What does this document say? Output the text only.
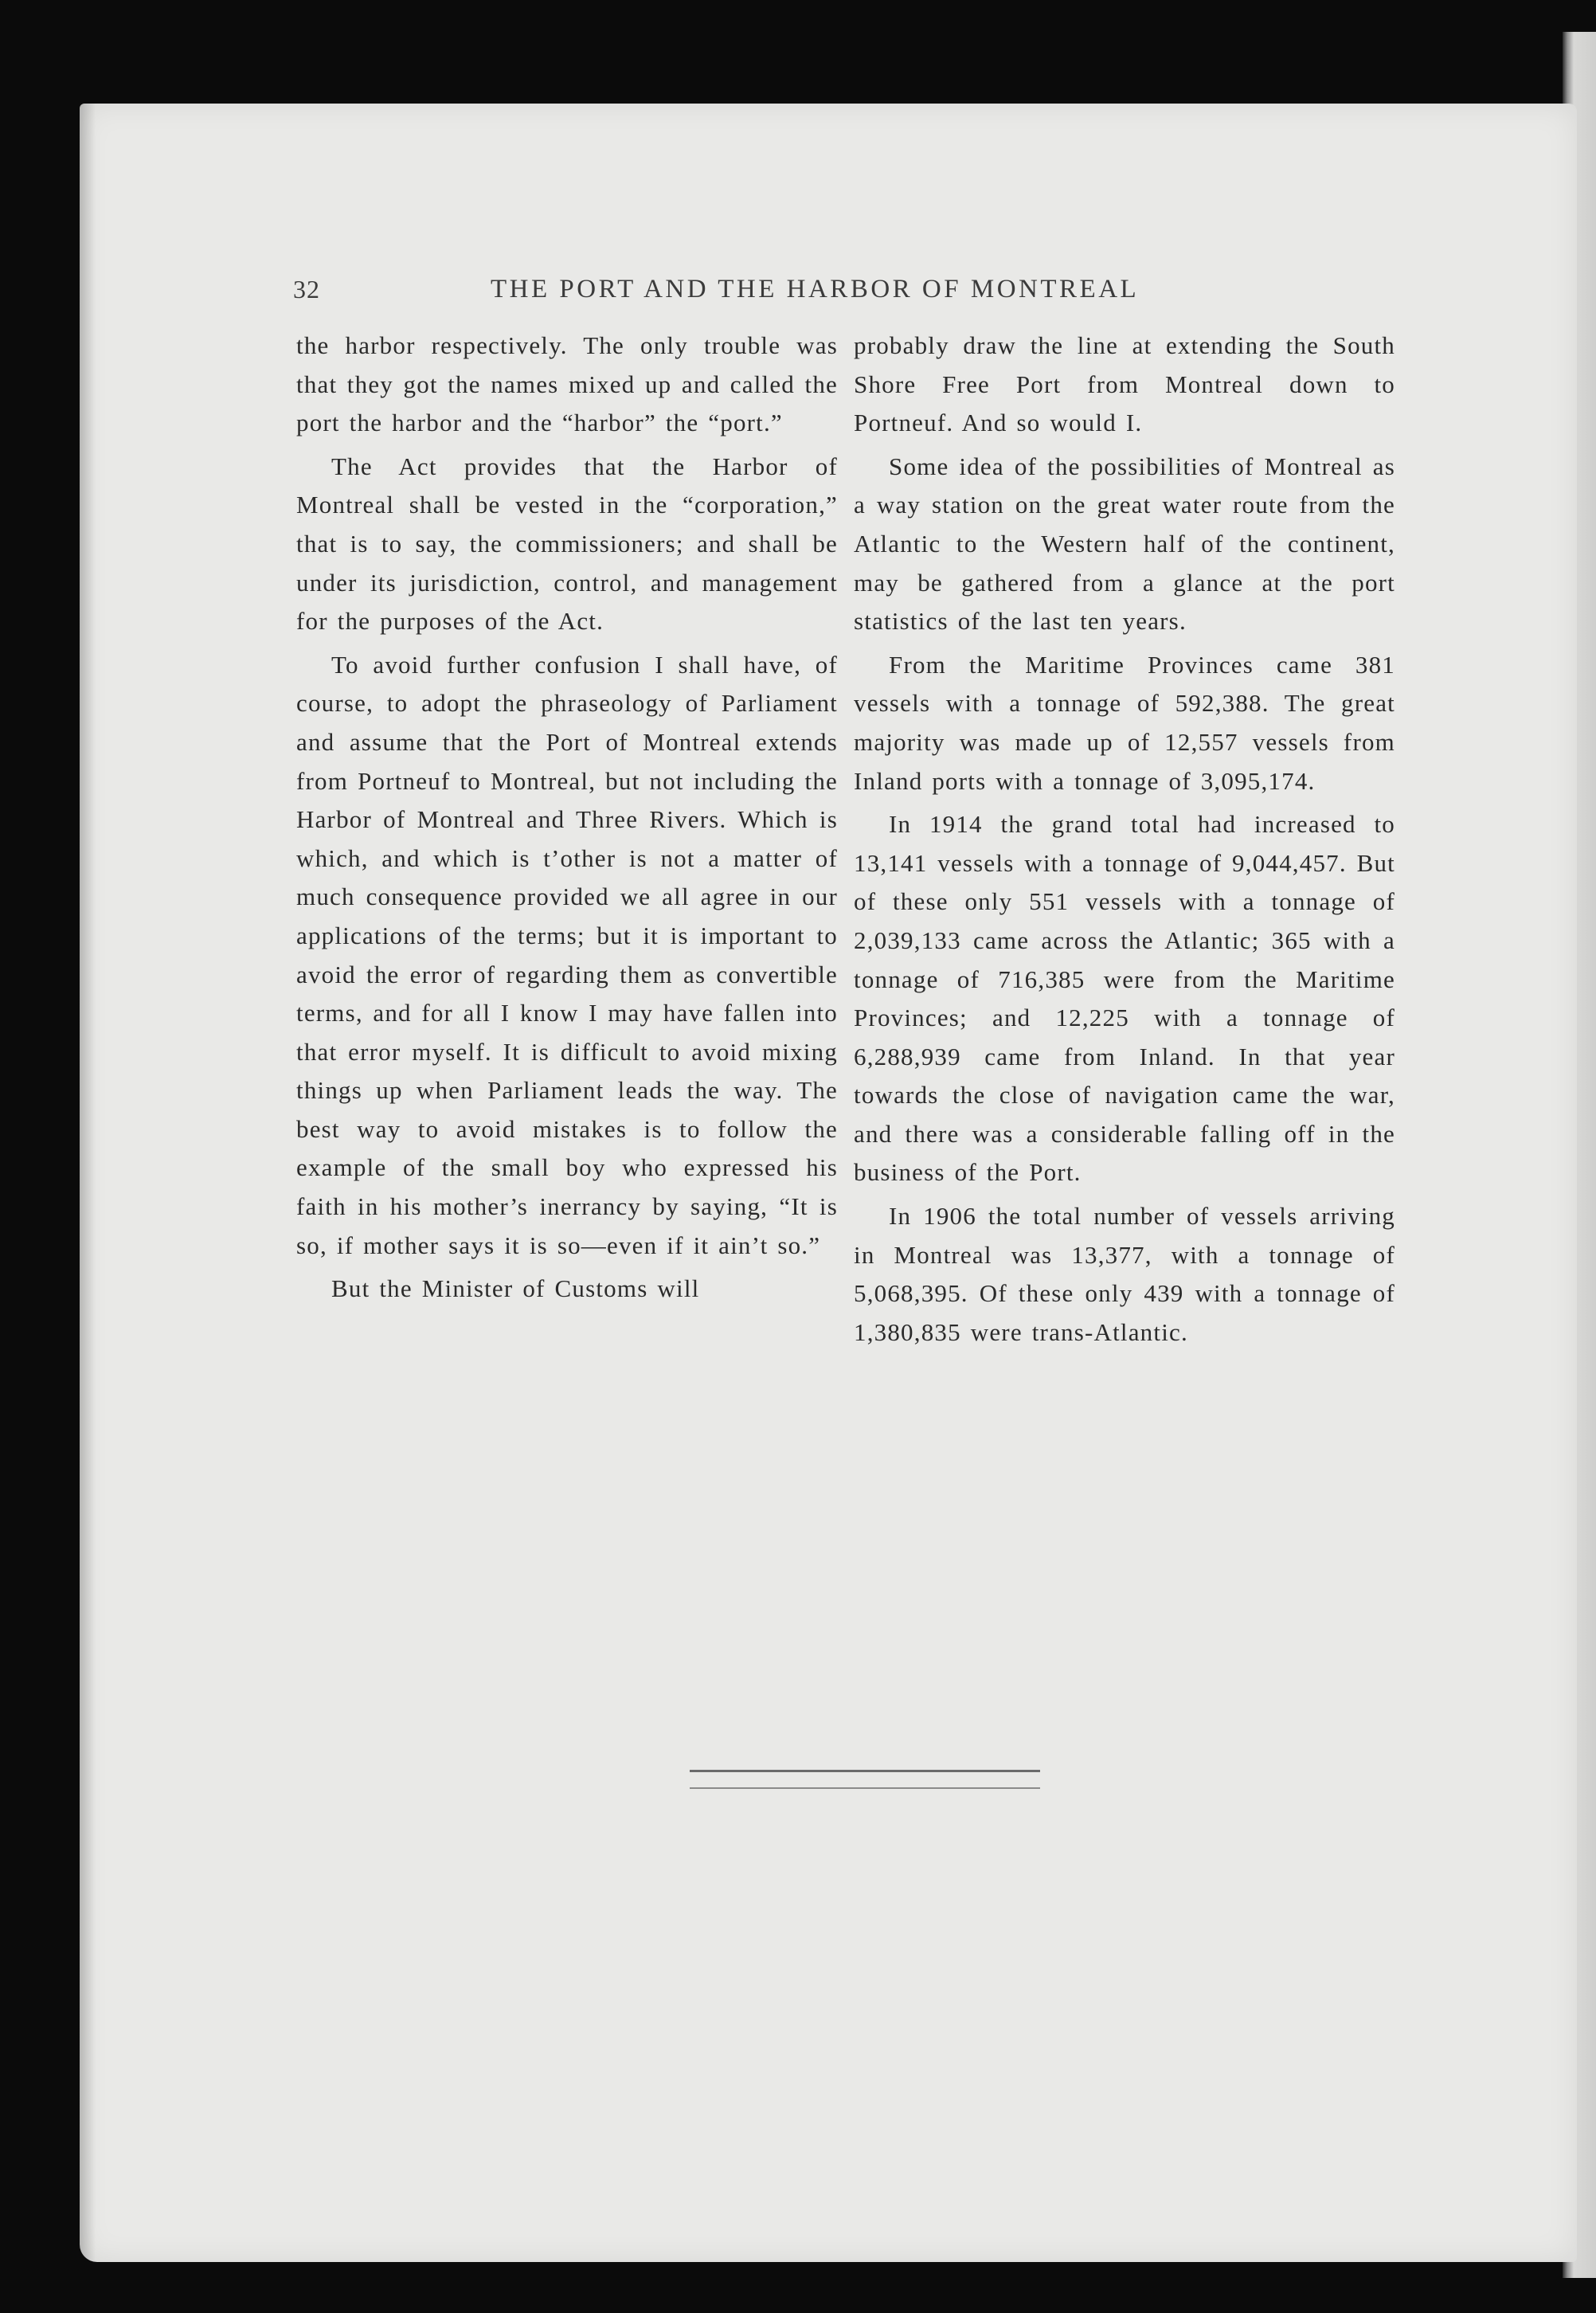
32	THE PORT AND THE HARBOR OF MONTREAL

the harbor respectively. The only trouble was that they got the names mixed up and called the port the harbor and the “harbor” the “port.”

The Act provides that the Harbor of Montreal shall be vested in the “corporation,” that is to say, the commissioners; and shall be under its jurisdiction, control, and management for the purposes of the Act.

To avoid further confusion I shall have, of course, to adopt the phraseology of Parliament and assume that the Port of Montreal extends from Portneuf to Montreal, but not including the Harbor of Montreal and Three Rivers. Which is which, and which is t’other is not a matter of much consequence provided we all agree in our applications of the terms; but it is important to avoid the error of regarding them as convertible terms, and for all I know I may have fallen into that error myself. It is difficult to avoid mixing things up when Parliament leads the way. The best way to avoid mistakes is to follow the example of the small boy who expressed his faith in his mother’s inerrancy by saying, “It is so, if mother says it is so—even if it ain’t so.”

But the Minister of Customs will

probably draw the line at extending the South Shore Free Port from Montreal down to Portneuf. And so would I.

Some idea of the possibilities of Montreal as a way station on the great water route from the Atlantic to the Western half of the continent, may be gathered from a glance at the port statistics of the last ten years.

From the Maritime Provinces came 381 vessels with a tonnage of 592,388. The great majority was made up of 12,557 vessels from Inland ports with a tonnage of 3,095,174.

In 1914 the grand total had increased to 13,141 vessels with a tonnage of 9,044,457. But of these only 551 vessels with a tonnage of 2,039,133 came across the Atlantic; 365 with a tonnage of 716,385 were from the Maritime Provinces; and 12,225 with a tonnage of 6,288,939 came from Inland. In that year towards the close of navigation came the war, and there was a considerable falling off in the business of the Port.

In 1906 the total number of vessels arriving in Montreal was 13,377, with a tonnage of 5,068,395. Of these only 439 with a tonnage of 1,380,835 were trans-Atlantic.
